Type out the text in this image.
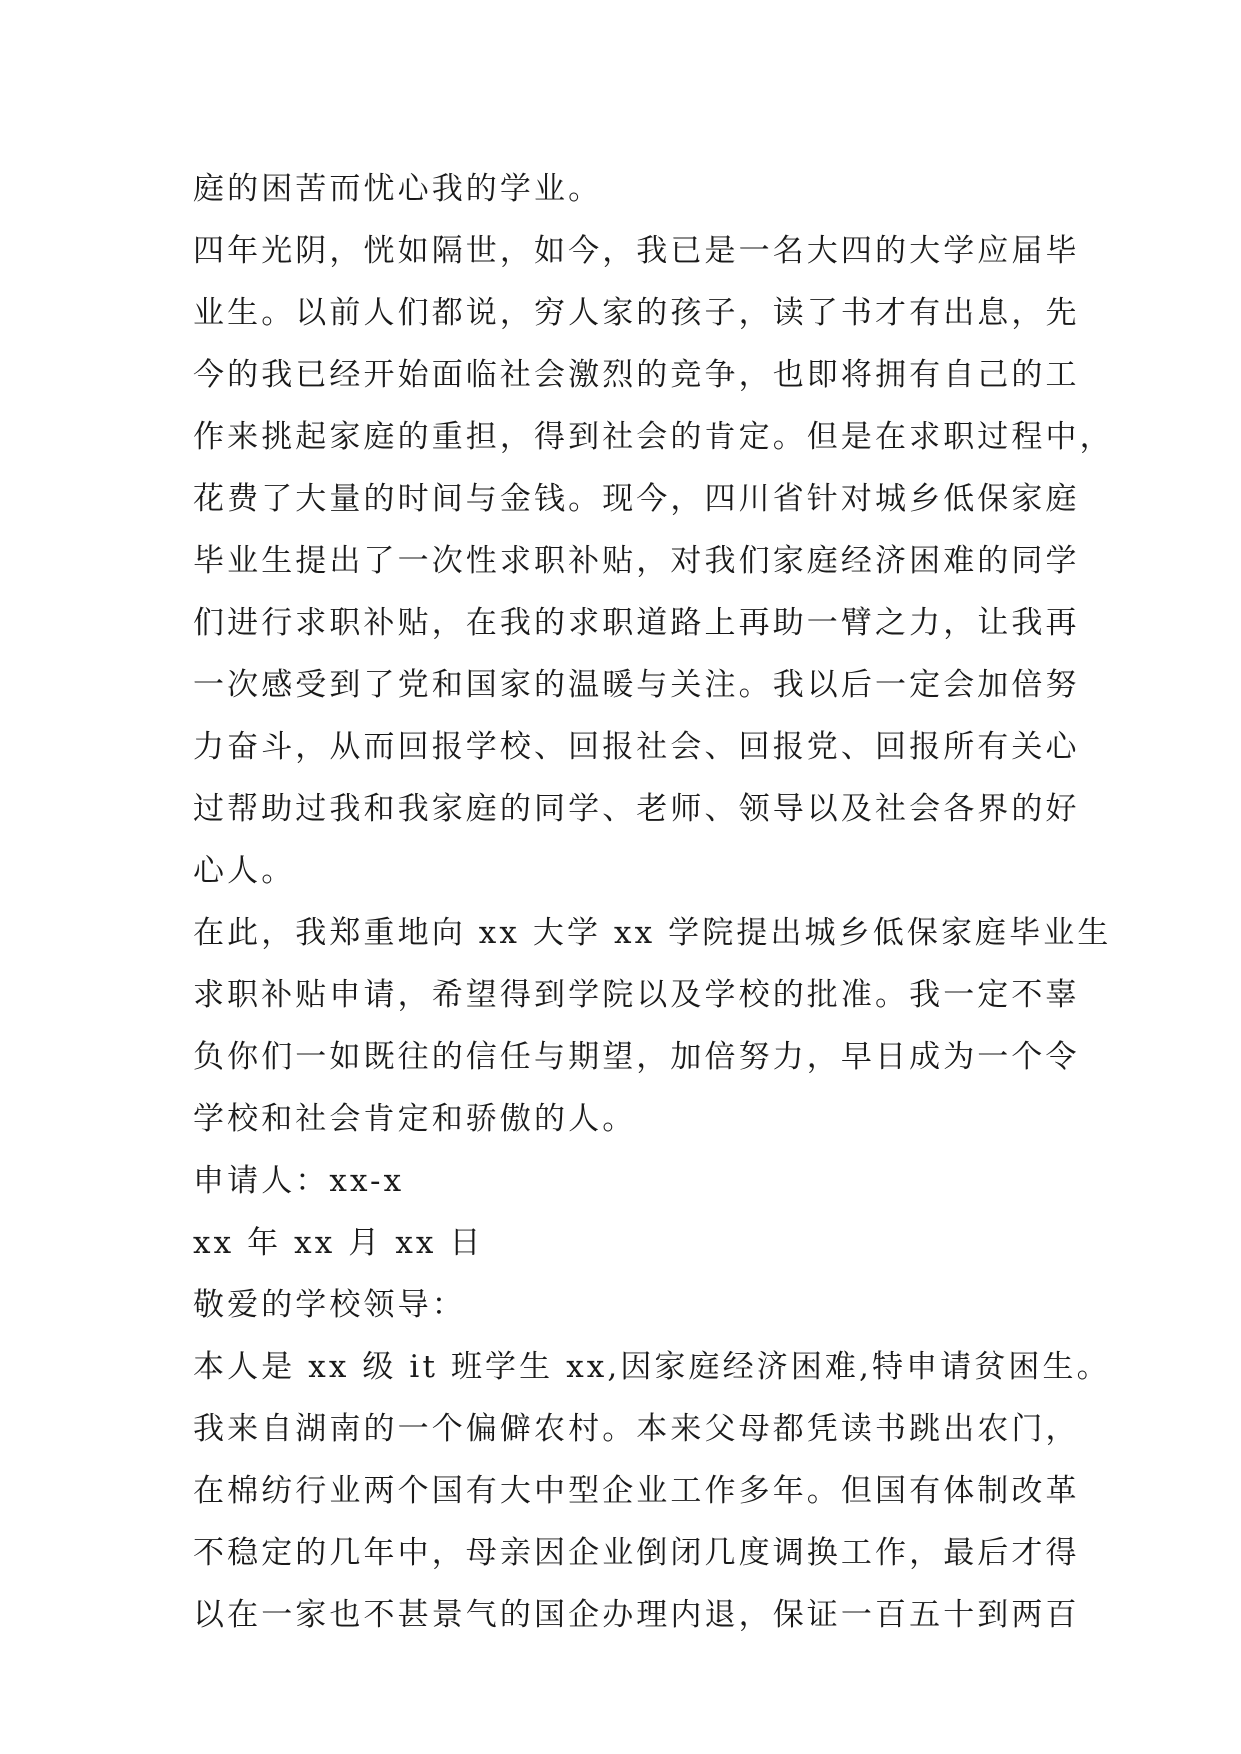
庭的困苦而忧心我的学业。
四年光阴，恍如隔世，如今，我已是一名大四的大学应届毕
业生。以前人们都说，穷人家的孩子，读了书才有出息，先
今的我已经开始面临社会激烈的竞争，也即将拥有自己的工
作来挑起家庭的重担，得到社会的肯定。但是在求职过程中，
花费了大量的时间与金钱。现今，四川省针对城乡低保家庭
毕业生提出了一次性求职补贴，对我们家庭经济困难的同学
们进行求职补贴，在我的求职道路上再助一臂之力，让我再
一次感受到了党和国家的温暖与关注。我以后一定会加倍努
力奋斗，从而回报学校、回报社会、回报党、回报所有关心
过帮助过我和我家庭的同学、老师、领导以及社会各界的好
心人。
在此，我郑重地向 xx 大学 xx 学院提出城乡低保家庭毕业生
求职补贴申请，希望得到学院以及学校的批准。我一定不辜
负你们一如既往的信任与期望，加倍努力，早日成为一个令
学校和社会肯定和骄傲的人。
申请人：xx-x
xx 年 xx 月 xx 日
敬爱的学校领导：
本人是 xx 级 it 班学生 xx,因家庭经济困难,特申请贫困生。
我来自湖南的一个偏僻农村。本来父母都凭读书跳出农门，
在棉纺行业两个国有大中型企业工作多年。但国有体制改革
不稳定的几年中，母亲因企业倒闭几度调换工作，最后才得
以在一家也不甚景气的国企办理内退，保证一百五十到两百
